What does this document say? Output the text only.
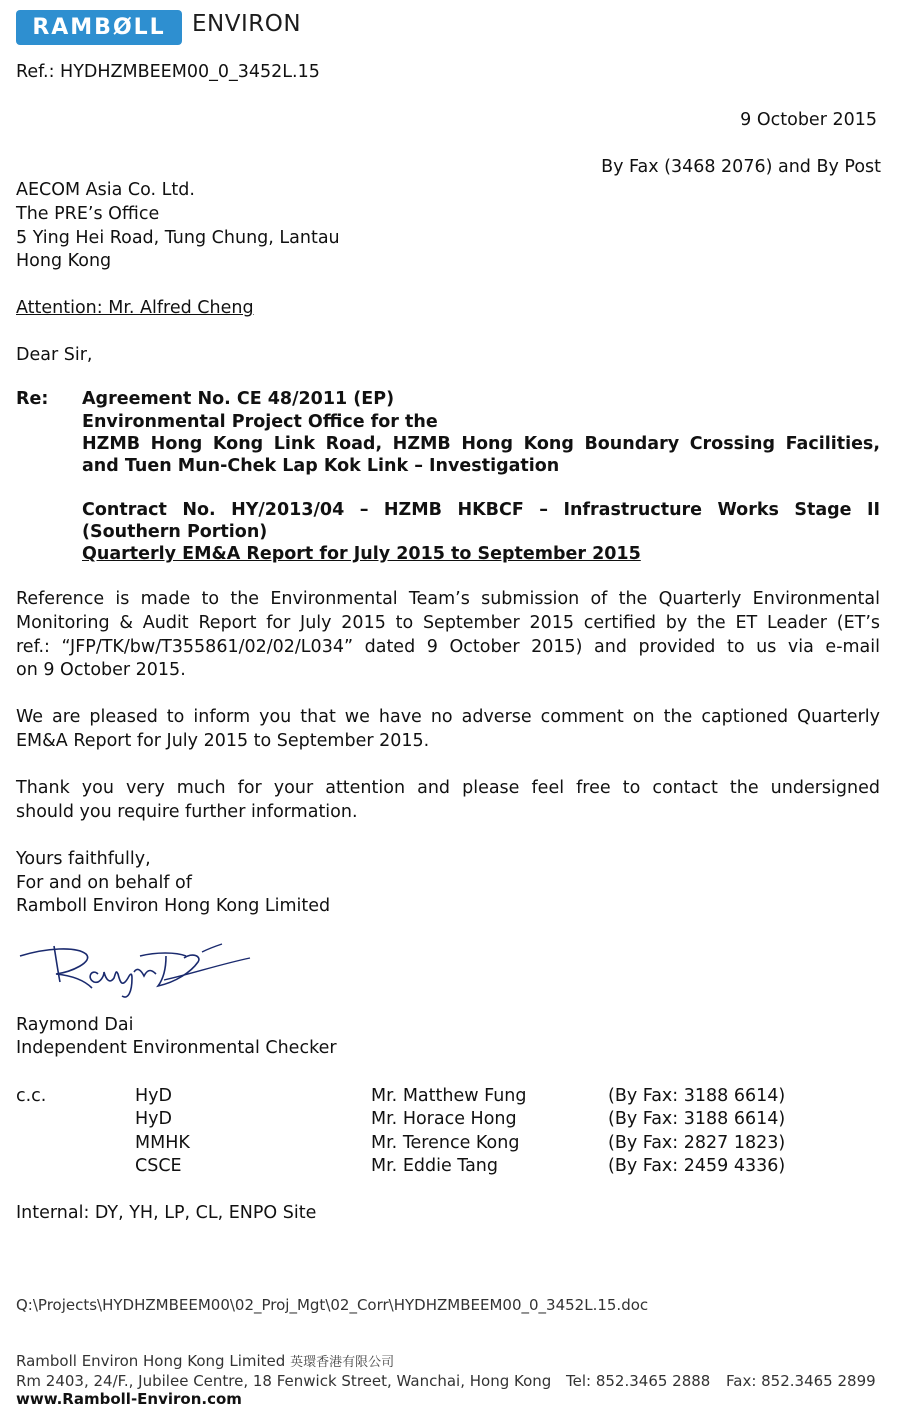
RAMBØLL	ENVIRON
Ref.: HYDHZMBEEM00_0_3452L.15
9 October 2015
By Fax (3468 2076) and By Post
AECOM Asia Co. Ltd.
The PRE’s Office
5 Ying Hei Road, Tung Chung, Lantau
Hong Kong
Attention: Mr. Alfred Cheng
Dear Sir,
Re: Agreement No. CE 48/2011 (EP)
Environmental Project Office for the
HZMB Hong Kong Link Road, HZMB Hong Kong Boundary Crossing Facilities,
and Tuen Mun-Chek Lap Kok Link – Investigation
Contract No. HY/2013/04 – HZMB HKBCF – Infrastructure Works Stage II
(Southern Portion)
Quarterly EM&A Report for July 2015 to September 2015
Reference is made to the Environmental Team’s submission of the Quarterly Environmental
Monitoring & Audit Report for July 2015 to September 2015 certified by the ET Leader (ET’s
ref.: “JFP/TK/bw/T355861/02/02/L034” dated 9 October 2015) and provided to us via e-mail
on 9 October 2015.
We are pleased to inform you that we have no adverse comment on the captioned Quarterly
EM&A Report for July 2015 to September 2015.
Thank you very much for your attention and please feel free to contact the undersigned
should you require further information.
Yours faithfully,
For and on behalf of
Ramboll Environ Hong Kong Limited
Raymond Dai
Independent Environmental Checker
c.c.	HyD	Mr. Matthew Fung	(By Fax: 3188 6614)
HyD	Mr. Horace Hong	(By Fax: 3188 6614)
MMHK	Mr. Terence Kong	(By Fax: 2827 1823)
CSCE	Mr. Eddie Tang	(By Fax: 2459 4336)
Internal: DY, YH, LP, CL, ENPO Site
Q:\Projects\HYDHZMBEEM00\02_Proj_Mgt\02_Corr\HYDHZMBEEM00_0_3452L.15.doc
Ramboll Environ Hong Kong Limited 英環香港有限公司
Rm 2403, 24/F., Jubilee Centre, 18 Fenwick Street, Wanchai, Hong Kong Tel: 852.3465 2888 Fax: 852.3465 2899
www.Ramboll-Environ.com
